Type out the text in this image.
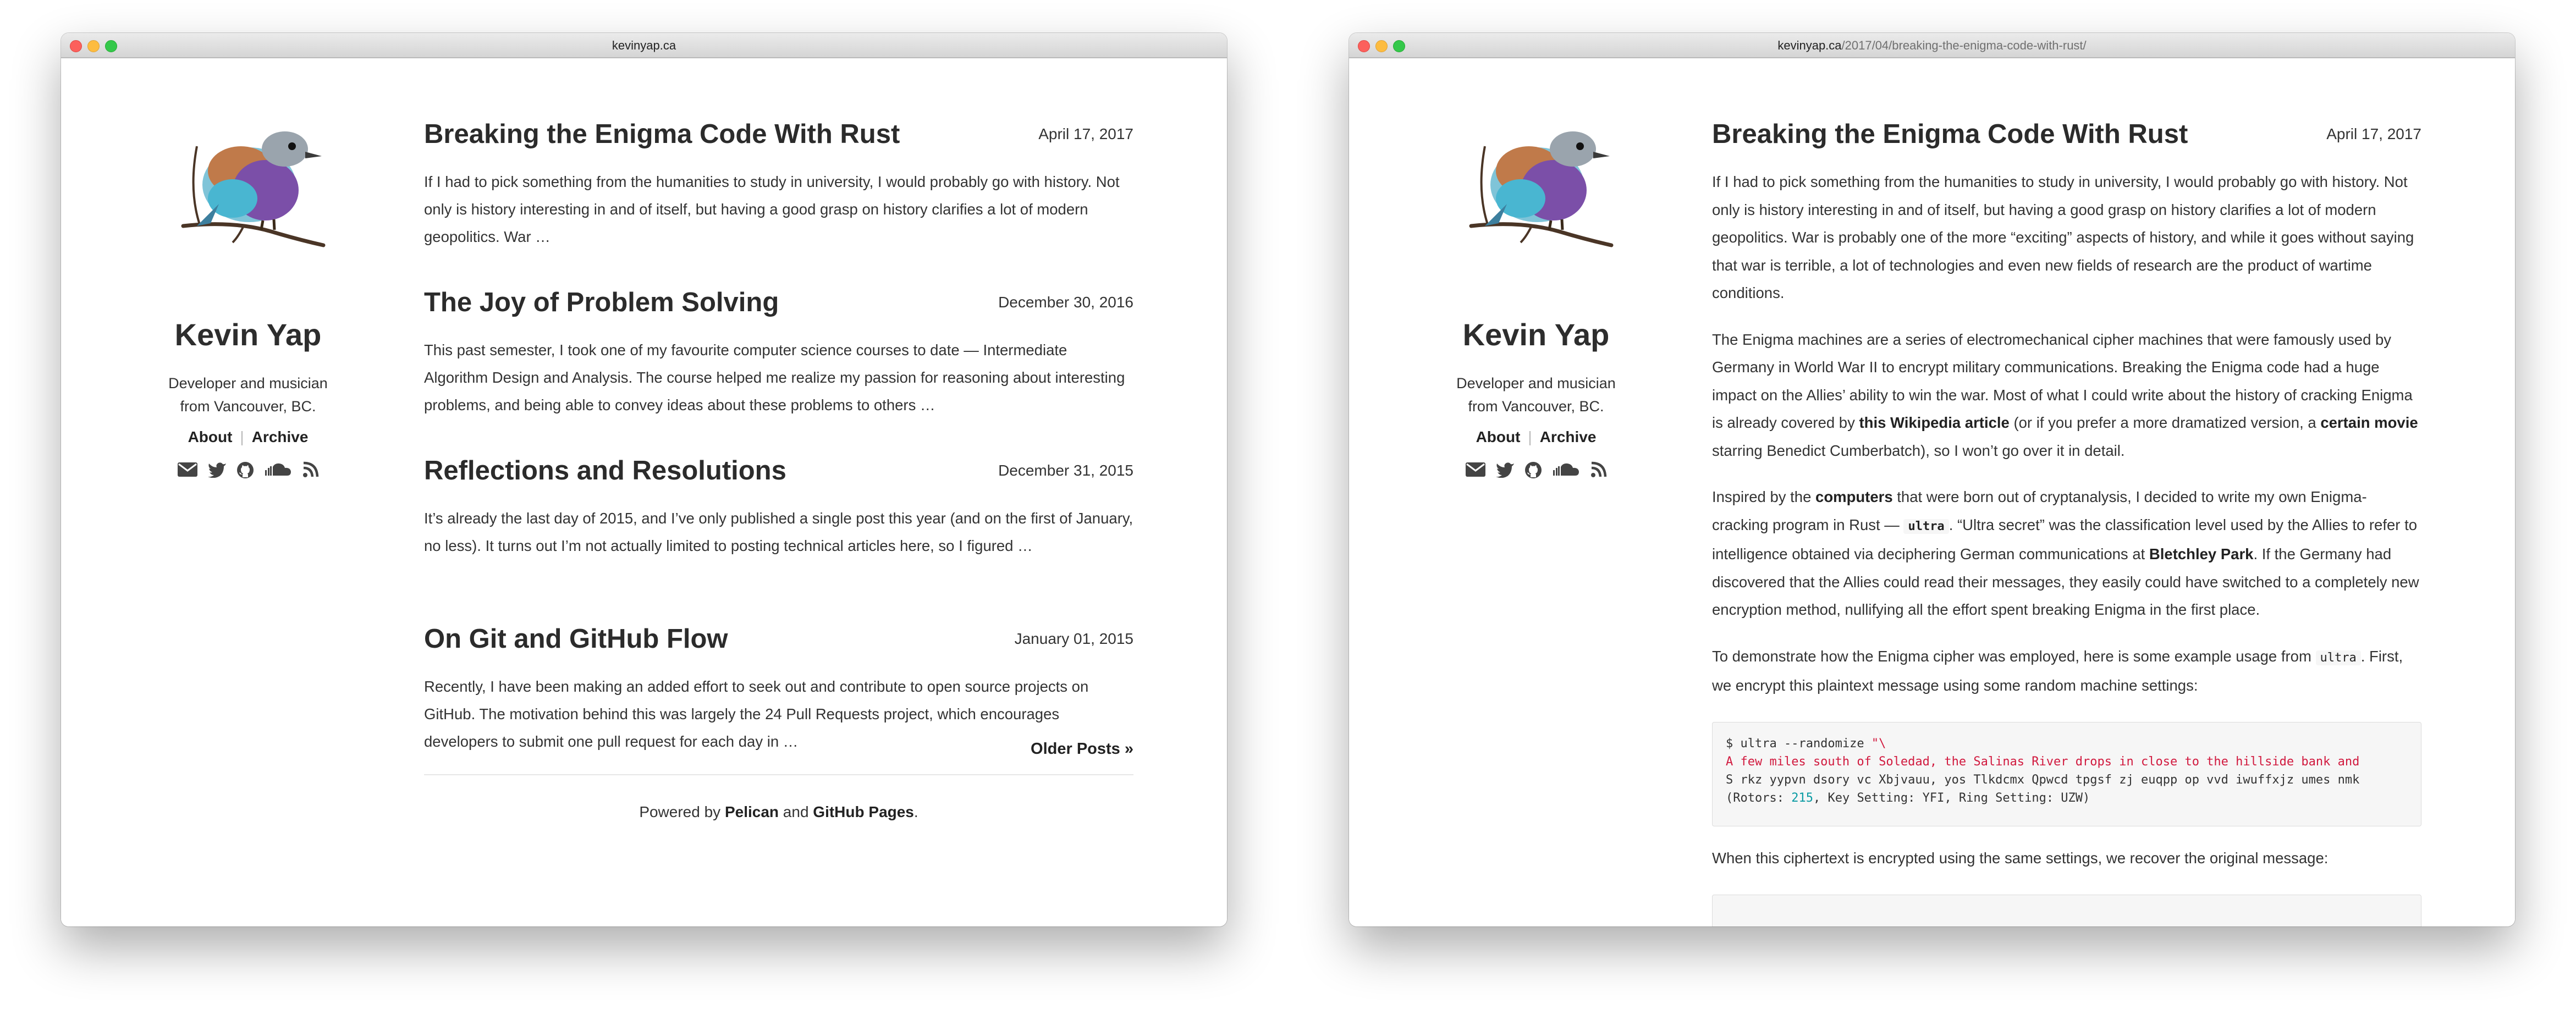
kevinyap.ca
Kevin Yap
Developer and musician
from Vancouver, BC.
About | Archive
Breaking the Enigma Code With Rust	April 17, 2017
If I had to pick something from the humanities to study in university, I would probably go with history. Not only is history interesting in and of itself, but having a good grasp on history clarifies a lot of modern geopolitics. War …
The Joy of Problem Solving	December 30, 2016
This past semester, I took one of my favourite computer science courses to date — Intermediate Algorithm Design and Analysis. The course helped me realize my passion for reasoning about interesting problems, and being able to convey ideas about these problems to others …
Reflections and Resolutions	December 31, 2015
It’s already the last day of 2015, and I’ve only published a single post this year (and on the first of January, no less). It turns out I’m not actually limited to posting technical articles here, so I figured …
On Git and GitHub Flow	January 01, 2015
Recently, I have been making an added effort to seek out and contribute to open source projects on GitHub. The motivation behind this was largely the 24 Pull Requests project, which encourages developers to submit one pull request for each day in …	Older Posts »
Powered by Pelican and GitHub Pages.
kevinyap.ca/2017/04/breaking-the-enigma-code-with-rust/
Kevin Yap
Developer and musician
from Vancouver, BC.
About | Archive
Breaking the Enigma Code With Rust	April 17, 2017

If I had to pick something from the humanities to study in university, I would probably go with history. Not only is history interesting in and of itself, but having a good grasp on history clarifies a lot of modern geopolitics. War is probably one of the more “exciting” aspects of history, and while it goes without saying that war is terrible, a lot of technologies and even new fields of research are the product of wartime conditions.

The Enigma machines are a series of electromechanical cipher machines that were famously used by Germany in World War II to encrypt military communications. Breaking the Enigma code had a huge impact on the Allies’ ability to win the war. Most of what I could write about the history of cracking Enigma is already covered by this Wikipedia article (or if you prefer a more dramatized version, a certain movie starring Benedict Cumberbatch), so I won’t go over it in detail.

Inspired by the computers that were born out of cryptanalysis, I decided to write my own Enigma-cracking program in Rust — ultra . “Ultra secret” was the classification level used by the Allies to refer to intelligence obtained via deciphering German communications at Bletchley Park. If the Germany had discovered that the Allies could read their messages, they easily could have switched to a completely new encryption method, nullifying all the effort spent breaking Enigma in the first place.

To demonstrate how the Enigma cipher was employed, here is some example usage from ultra . First, we encrypt this plaintext message using some random machine settings:

$ ultra --randomize "\
A few miles south of Soledad, the Salinas River drops in close to the hillside bank and
S rkz yypvn dsory vc Xbjvauu, yos Tlkdcmx Qpwcd tpgsf zj euqpp op vvd iwuffxjz umes nmk
(Rotors: 215, Key Setting: YFI, Ring Setting: UZW)
When this ciphertext is encrypted using the same settings, we recover the original message:
